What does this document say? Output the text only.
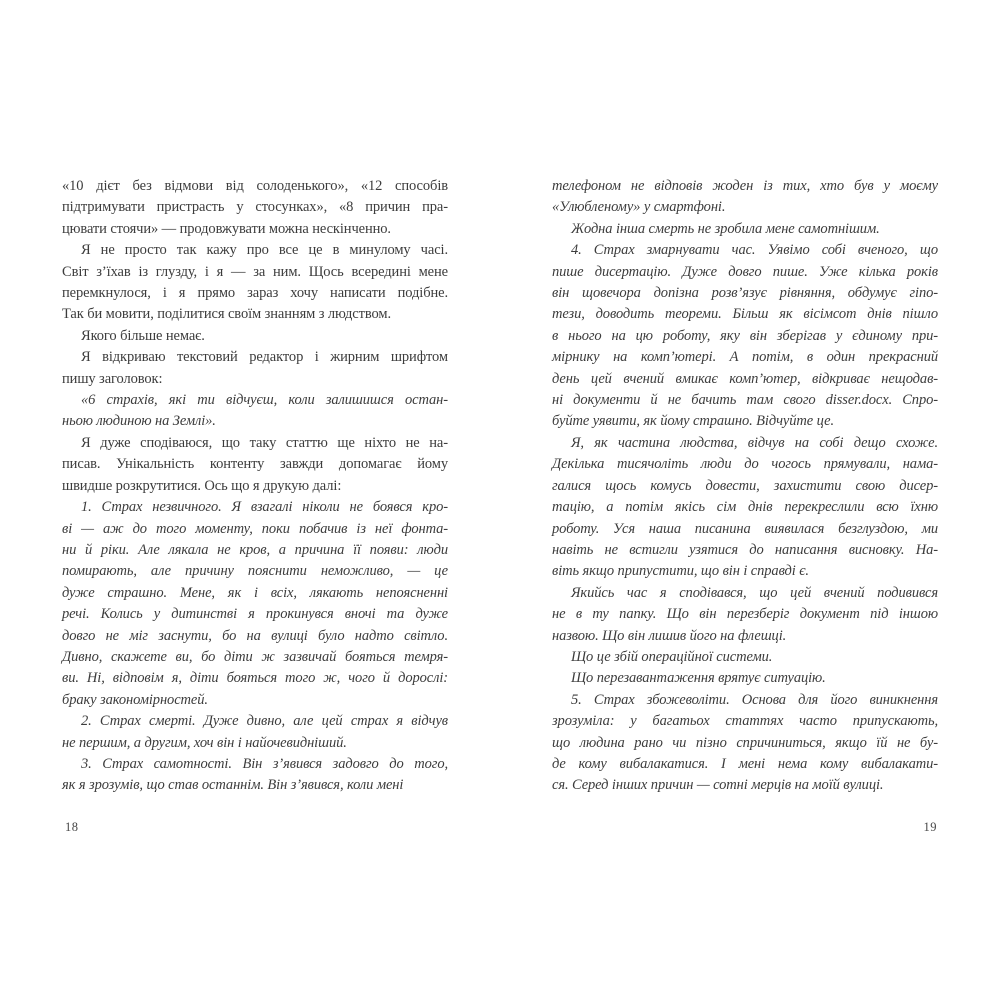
«10 дієт без відмови від солоденького», «12 способів
підтримувати пристрасть у стосунках», «8 причин пра-
цювати стоячи» — продовжувати можна нескінченно.
Я не просто так кажу про все це в минулому часі.
Світ з’їхав із глузду, і я — за ним. Щось всередині мене
перемкнулося, і я прямо зараз хочу написати подібне.
Так би мовити, поділитися своїм знанням з людством.
Якого більше немає.
Я відкриваю текстовий редактор і жирним шрифтом
пишу заголовок:
«6 страхів, які ти відчуєш, коли залишишся остан-
ньою людиною на Землі».
Я дуже сподіваюся, що таку статтю ще ніхто не на-
писав. Унікальність контенту завжди допомагає йому
швидше розкрутитися. Ось що я друкую далі:
1. Страх незвичного. Я взагалі ніколи не боявся кро-
ві — аж до того моменту, поки побачив із неї фонта-
ни й ріки. Але лякала не кров, а причина її появи: люди
помирають, але причину пояснити неможливо, — це
дуже страшно. Мене, як і всіх, лякають непоясненні
речі. Колись у дитинстві я прокинувся вночі та дуже
довго не міг заснути, бо на вулиці було надто світло.
Дивно, скажете ви, бо діти ж зазвичай бояться темря-
ви. Ні, відповім я, діти бояться того ж, чого й дорослі:
браку закономірностей.
2. Страх смерті. Дуже дивно, але цей страх я відчув
не першим, а другим, хоч він і найочевидніший.
3. Страх самотності. Він з’явився задовго до того,
як я зрозумів, що став останнім. Він з’явився, коли мені
телефоном не відповів жоден із тих, хто був у моєму
«Улюбленому» у смартфоні.
Жодна інша смерть не зробила мене самотнішим.
4. Страх змарнувати час. Уявімо собі вченого, що
пише дисертацію. Дуже довго пише. Уже кілька років
він щовечора допізна розв’язує рівняння, обдумує гіпо-
тези, доводить теореми. Більш як вісімсот днів пішло
в нього на цю роботу, яку він зберігав у єдиному при-
мірнику на комп’ютері. А потім, в один прекрасний
день цей вчений вмикає комп’ютер, відкриває нещодав-
ні документи й не бачить там свого disser.docx. Спро-
буйте уявити, як йому страшно. Відчуйте це.
Я, як частина людства, відчув на собі дещо схоже.
Декілька тисячоліть люди до чогось прямували, нама-
галися щось комусь довести, захистити свою дисер-
тацію, а потім якісь сім днів перекреслили всю їхню
роботу. Уся наша писанина виявилася безглуздою, ми
навіть не встигли узятися до написання висновку. На-
віть якщо припустити, що він і справді є.
Якийсь час я сподівався, що цей вчений подивився
не в ту папку. Що він перезберіг документ під іншою
назвою. Що він лишив його на флешці.
Що це збій операційної системи.
Що перезавантаження врятує ситуацію.
5. Страх збожеволіти. Основа для його виникнення
зрозуміла: у багатьох статтях часто припускають,
що людина рано чи пізно спричиниться, якщо їй не бу-
де кому вибалакатися. І мені нема кому вибалакати-
ся. Серед інших причин — сотні мерців на моїй вулиці.
18	19
